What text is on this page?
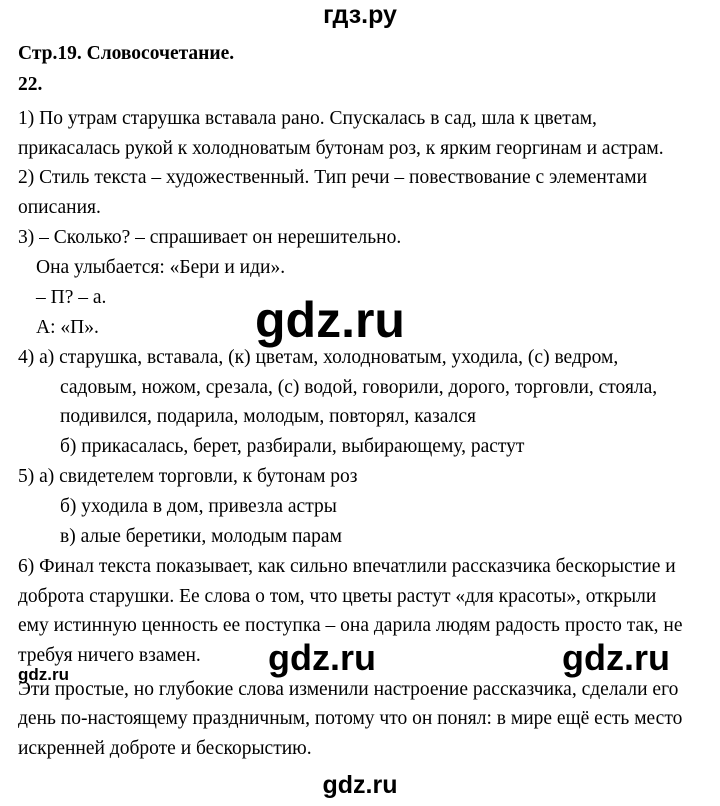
гдз.ру
Стр.19. Словосочетание.
22.
1) По утрам старушка вставала рано. Спускалась в сад, шла к цветам,
прикасалась рукой к холодноватым бутонам роз, к ярким георгинам и астрам.
2) Стиль текста – художественный. Тип речи – повествование с элементами
описания.
3) – Сколько? – спрашивает он нерешительно.
Она улыбается: «Бери и иди».
– П? – а.
А: «П».	gdz.ru
4) а) старушка, вставала, (к) цветам, холодноватым, уходила, (с) ведром,
садовым, ножом, срезала, (с) водой, говорили, дорого, торговли, стояла,
подивился, подарила, молодым, повторял, казался
б) прикасалась, берет, разбирали, выбирающему, растут
5) а) свидетелем торговли, к бутонам роз
б) уходила в дом, привезла астры
в) алые беретики, молодым парам
6) Финал текста показывает, как сильно впечатлили рассказчика бескорыстие и
доброта старушки. Ее слова о том, что цветы растут «для красоты», открыли
ему истинную ценность ее поступка – она дарила людям радость просто так, не
требуя ничего взамен. gdz.ru	gdz.ru
gdz.ru
Эти простые, но глубокие слова изменили настроение рассказчика, сделали его
день по-настоящему праздничным, потому что он понял: в мире ещё есть место
искренней доброте и бескорыстию.
gdz.ru
